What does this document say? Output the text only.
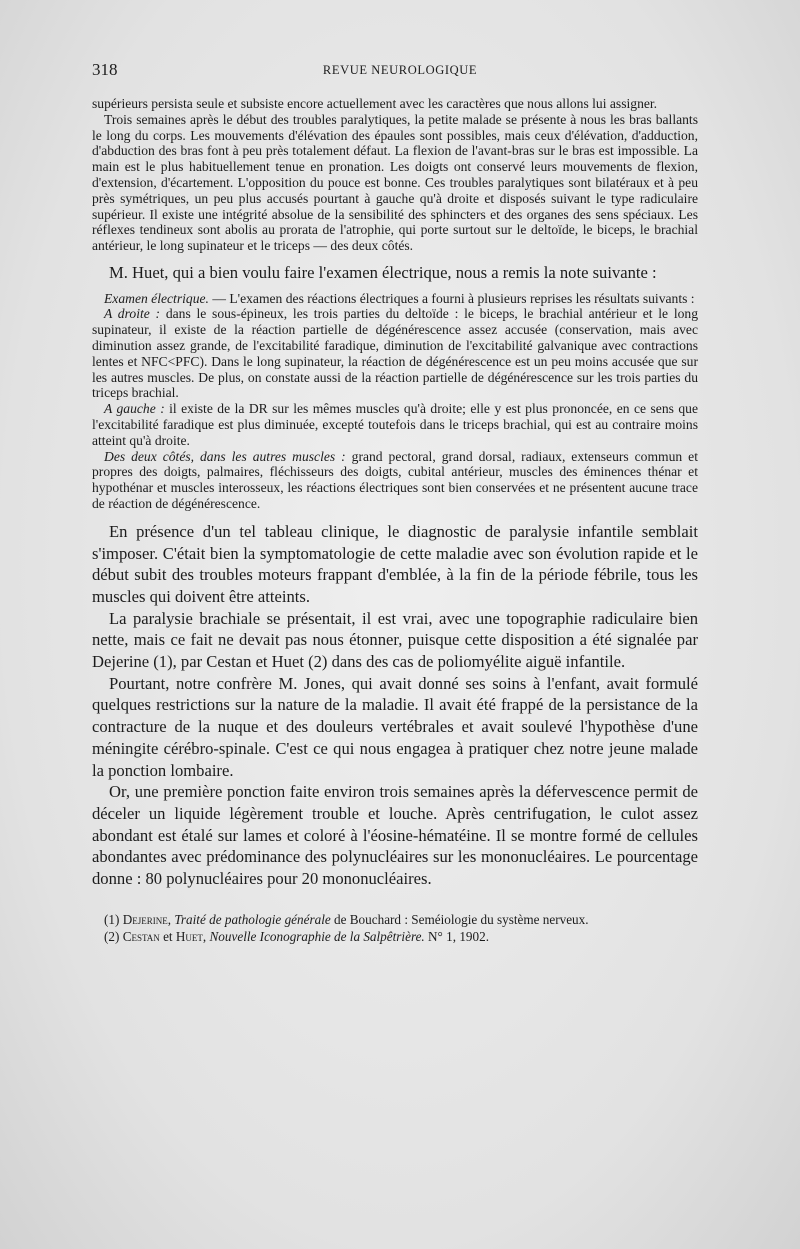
318	REVUE NEUROLOGIQUE

supérieurs persista seule et subsiste encore actuellement avec les caractères que nous allons lui assigner.

Trois semaines après le début des troubles paralytiques, la petite malade se présente à nous les bras ballants le long du corps. Les mouvements d'élévation des épaules sont possibles, mais ceux d'élévation, d'adduction, d'abduction des bras font à peu près totalement défaut. La flexion de l'avant-bras sur le bras est impossible. La main est le plus habituellement tenue en pronation. Les doigts ont conservé leurs mouvements de flexion, d'extension, d'écartement. L'opposition du pouce est bonne. Ces troubles paralytiques sont bilatéraux et à peu près symétriques, un peu plus accusés pourtant à gauche qu'à droite et disposés suivant le type radiculaire supérieur. Il existe une intégrité absolue de la sensibilité des sphincters et des organes des sens spéciaux. Les réflexes tendineux sont abolis au prorata de l'atrophie, qui porte surtout sur le deltoïde, le biceps, le brachial antérieur, le long supinateur et le triceps — des deux côtés.

M. Huet, qui a bien voulu faire l'examen électrique, nous a remis la note suivante :

Examen électrique. — L'examen des réactions électriques a fourni à plusieurs reprises les résultats suivants :

A droite : dans le sous-épineux, les trois parties du deltoïde : le biceps, le brachial antérieur et le long supinateur, il existe de la réaction partielle de dégénérescence assez accusée (conservation, mais avec diminution assez grande, de l'excitabilité faradique, diminution de l'excitabilité galvanique avec contractions lentes et NFC<PFC). Dans le long supinateur, la réaction de dégénérescence est un peu moins accusée que sur les autres muscles. De plus, on constate aussi de la réaction partielle de dégénérescence sur les trois parties du triceps brachial.

A gauche : il existe de la DR sur les mêmes muscles qu'à droite; elle y est plus prononcée, en ce sens que l'excitabilité faradique est plus diminuée, excepté toutefois dans le triceps brachial, qui est au contraire moins atteint qu'à droite.

Des deux côtés, dans les autres muscles : grand pectoral, grand dorsal, radiaux, extenseurs commun et propres des doigts, palmaires, fléchisseurs des doigts, cubital antérieur, muscles des éminences thénar et hypothénar et muscles interosseux, les réactions électriques sont bien conservées et ne présentent aucune trace de réaction de dégénérescence.

En présence d'un tel tableau clinique, le diagnostic de paralysie infantile semblait s'imposer. C'était bien la symptomatologie de cette maladie avec son évolution rapide et le début subit des troubles moteurs frappant d'emblée, à la fin de la période fébrile, tous les muscles qui doivent être atteints.

La paralysie brachiale se présentait, il est vrai, avec une topographie radiculaire bien nette, mais ce fait ne devait pas nous étonner, puisque cette disposition a été signalée par Dejerine (1), par Cestan et Huet (2) dans des cas de poliomyélite aiguë infantile.

Pourtant, notre confrère M. Jones, qui avait donné ses soins à l'enfant, avait formulé quelques restrictions sur la nature de la maladie. Il avait été frappé de la persistance de la contracture de la nuque et des douleurs vertébrales et avait soulevé l'hypothèse d'une méningite cérébro-spinale. C'est ce qui nous engagea à pratiquer chez notre jeune malade la ponction lombaire.

Or, une première ponction faite environ trois semaines après la défervescence permit de déceler un liquide légèrement trouble et louche. Après centrifugation, le culot assez abondant est étalé sur lames et coloré à l'éosine-hématéine. Il se montre formé de cellules abondantes avec prédominance des polynucléaires sur les mononucléaires. Le pourcentage donne : 80 polynucléaires pour 20 mononucléaires.

(1) Dejerine, Traité de pathologie générale de Bouchard : Seméiologie du système nerveux.

(2) Cestan et Huet, Nouvelle Iconographie de la Salpêtrière. N° 1, 1902.
